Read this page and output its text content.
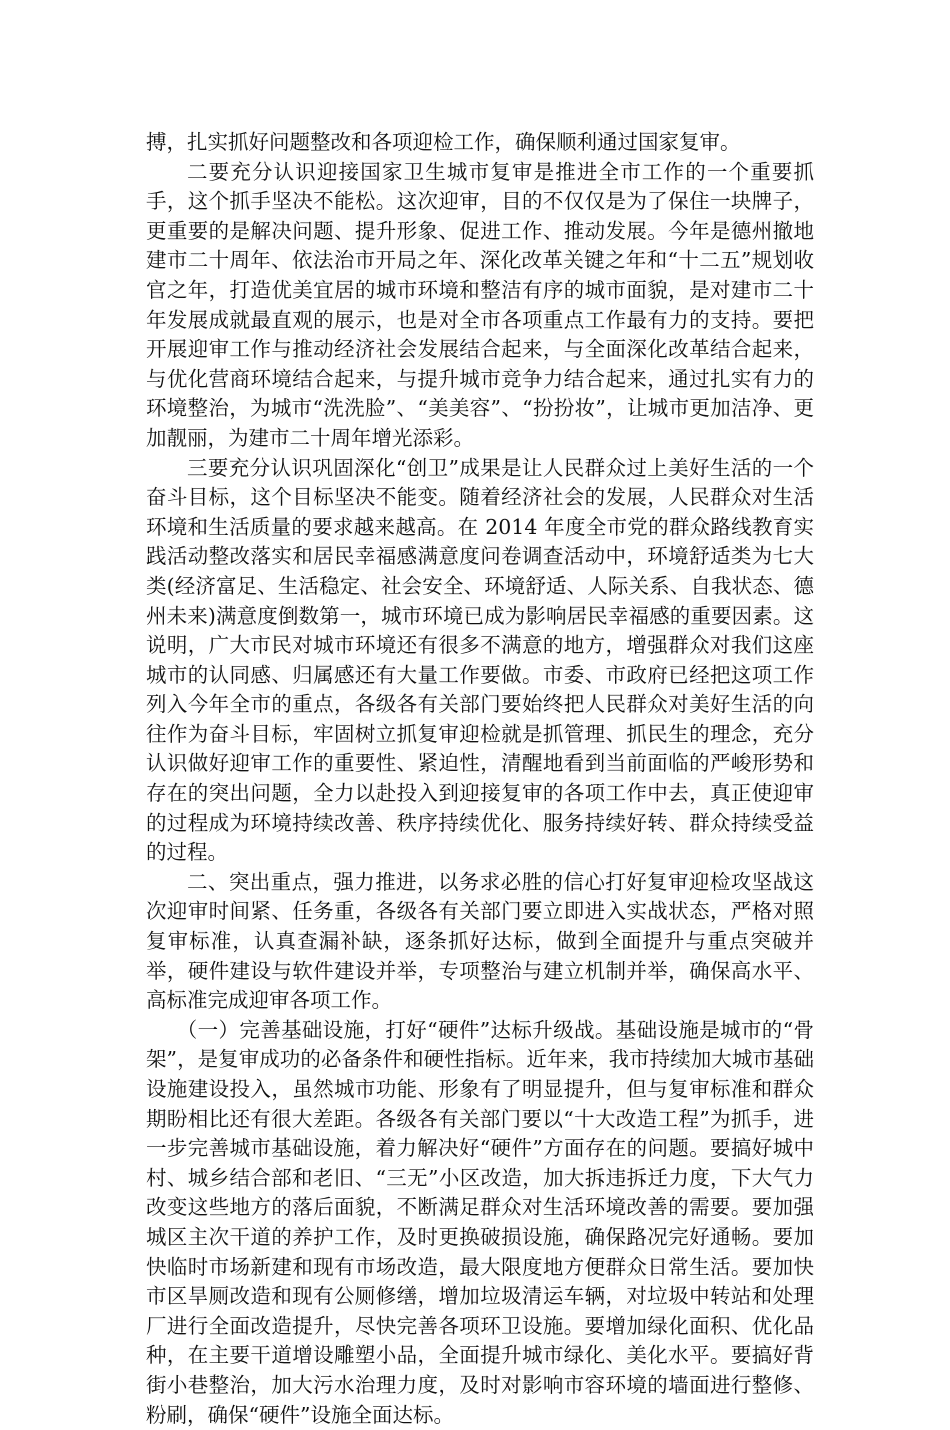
搏，扎实抓好问题整改和各项迎检工作，确保顺利通过国家复审。

二要充分认识迎接国家卫生城市复审是推进全市工作的一个重要抓手，这个抓手坚决不能松。这次迎审，目的不仅仅是为了保住一块牌子，更重要的是解决问题、提升形象、促进工作、推动发展。今年是德州撤地建市二十周年、依法治市开局之年、深化改革关键之年和“十二五”规划收官之年，打造优美宜居的城市环境和整洁有序的城市面貌，是对建市二十年发展成就最直观的展示，也是对全市各项重点工作最有力的支持。要把开展迎审工作与推动经济社会发展结合起来，与全面深化改革结合起来，与优化营商环境结合起来，与提升城市竞争力结合起来，通过扎实有力的环境整治，为城市“洗洗脸”、“美美容”、“扮扮妆”，让城市更加洁净、更加靓丽，为建市二十周年增光添彩。

三要充分认识巩固深化“创卫”成果是让人民群众过上美好生活的一个奋斗目标，这个目标坚决不能变。随着经济社会的发展，人民群众对生活环境和生活质量的要求越来越高。在 2014 年度全市党的群众路线教育实践活动整改落实和居民幸福感满意度问卷调查活动中，环境舒适类为七大类(经济富足、生活稳定、社会安全、环境舒适、人际关系、自我状态、德州未来)满意度倒数第一，城市环境已成为影响居民幸福感的重要因素。这说明，广大市民对城市环境还有很多不满意的地方，增强群众对我们这座城市的认同感、归属感还有大量工作要做。市委、市政府已经把这项工作列入今年全市的重点，各级各有关部门要始终把人民群众对美好生活的向往作为奋斗目标，牢固树立抓复审迎检就是抓管理、抓民生的理念，充分认识做好迎审工作的重要性、紧迫性，清醒地看到当前面临的严峻形势和存在的突出问题，全力以赴投入到迎接复审的各项工作中去，真正使迎审的过程成为环境持续改善、秩序持续优化、服务持续好转、群众持续受益的过程。

二、突出重点，强力推进，以务求必胜的信心打好复审迎检攻坚战这次迎审时间紧、任务重，各级各有关部门要立即进入实战状态，严格对照复审标准，认真查漏补缺，逐条抓好达标，做到全面提升与重点突破并举，硬件建设与软件建设并举，专项整治与建立机制并举，确保高水平、高标准完成迎审各项工作。

（一）完善基础设施，打好“硬件”达标升级战。基础设施是城市的“骨架”，是复审成功的必备条件和硬性指标。近年来，我市持续加大城市基础设施建设投入，虽然城市功能、形象有了明显提升，但与复审标准和群众期盼相比还有很大差距。各级各有关部门要以“十大改造工程”为抓手，进一步完善城市基础设施，着力解决好“硬件”方面存在的问题。要搞好城中村、城乡结合部和老旧、“三无”小区改造，加大拆违拆迁力度，下大气力改变这些地方的落后面貌，不断满足群众对生活环境改善的需要。要加强城区主次干道的养护工作，及时更换破损设施，确保路况完好通畅。要加快临时市场新建和现有市场改造，最大限度地方便群众日常生活。要加快市区旱厕改造和现有公厕修缮，增加垃圾清运车辆，对垃圾中转站和处理厂进行全面改造提升，尽快完善各项环卫设施。要增加绿化面积、优化品种，在主要干道增设雕塑小品，全面提升城市绿化、美化水平。要搞好背街小巷整治，加大污水治理力度，及时对影响市容环境的墙面进行整修、粉刷，确保“硬件”设施全面达标。
